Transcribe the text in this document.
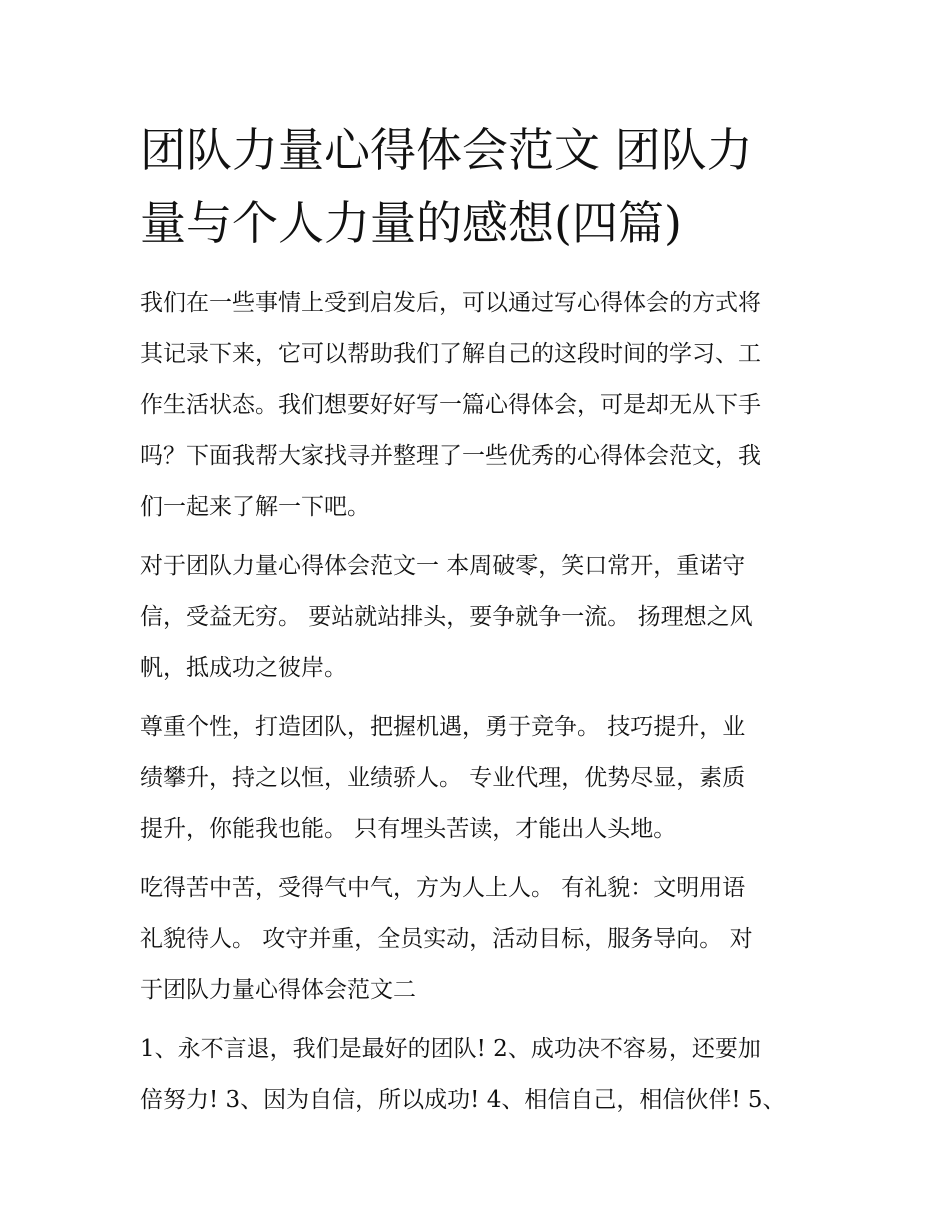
团队力量心得体会范文 团队力
量与个人力量的感想(四篇)

我们在一些事情上受到启发后，可以通过写心得体会的方式将
其记录下来，它可以帮助我们了解自己的这段时间的学习、工
作生活状态。我们想要好好写一篇心得体会，可是却无从下手
吗？下面我帮大家找寻并整理了一些优秀的心得体会范文，我
们一起来了解一下吧。

对于团队力量心得体会范文一 本周破零，笑口常开，重诺守
信，受益无穷。 要站就站排头，要争就争一流。 扬理想之风
帆，抵成功之彼岸。

尊重个性，打造团队，把握机遇，勇于竞争。 技巧提升，业
绩攀升，持之以恒，业绩骄人。 专业代理，优势尽显，素质
提升，你能我也能。 只有埋头苦读，才能出人头地。

吃得苦中苦，受得气中气，方为人上人。 有礼貌：文明用语
礼貌待人。 攻守并重，全员实动，活动目标，服务导向。 对
于团队力量心得体会范文二

1、永不言退，我们是最好的团队! 2、成功决不容易，还要加
倍努力! 3、因为自信，所以成功! 4、相信自己，相信伙伴! 5、
